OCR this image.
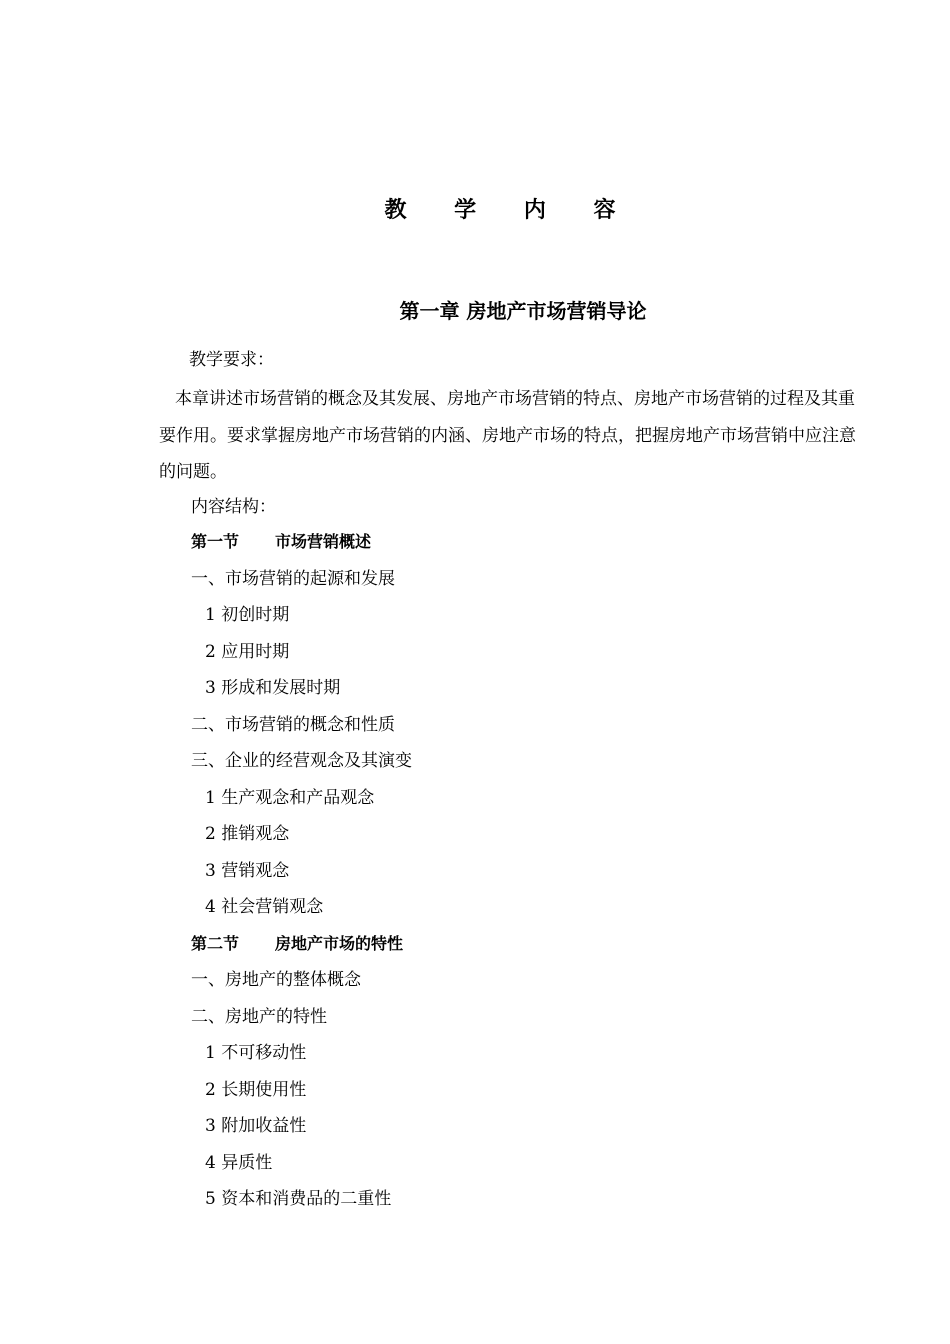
教 学 内 容
第一章 房地产市场营销导论

教学要求：

本章讲述市场营销的概念及其发展、房地产市场营销的特点、房地产市场营销的过程及其重要作用。要求掌握房地产市场营销的内涵、房地产市场的特点，把握房地产市场营销中应注意的问题。

内容结构：

第一节 市场营销概述
一、市场营销的起源和发展
1 初创时期
2 应用时期
3 形成和发展时期
二、市场营销的概念和性质
三、企业的经营观念及其演变
1 生产观念和产品观念
2 推销观念
3 营销观念
4 社会营销观念
第二节 房地产市场的特性
一、房地产的整体概念
二、房地产的特性
1 不可移动性
2 长期使用性
3 附加收益性
4 异质性
5 资本和消费品的二重性
